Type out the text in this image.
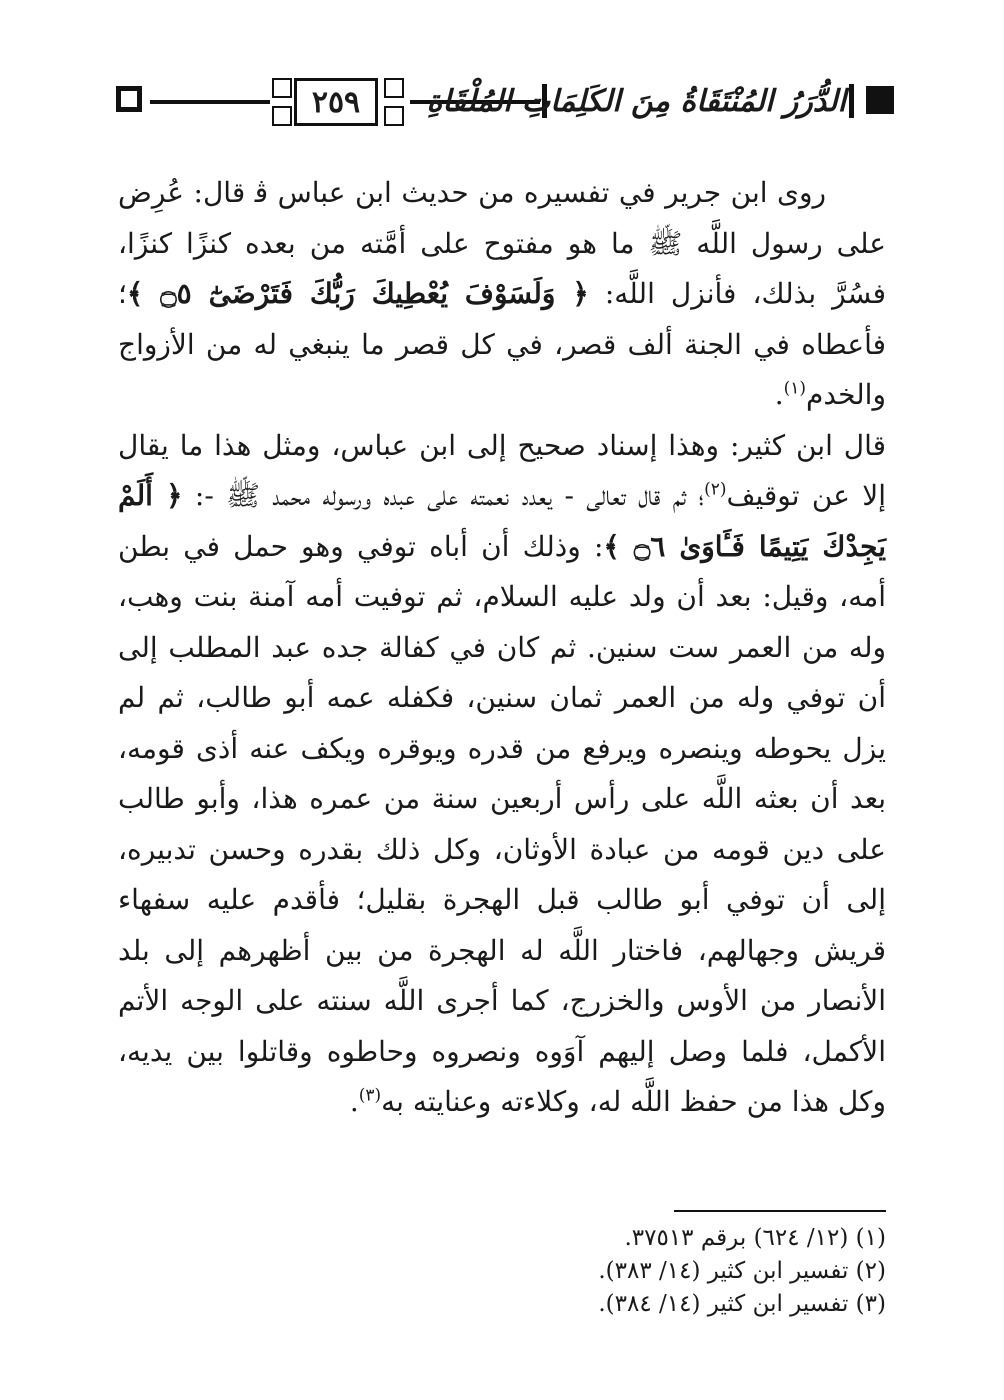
٢٥٩	الدُّرَرُ المُنْتَقَاةُ مِنَ الكَلِمَاتِ المُلْقَاةِ

روى ابن جرير في تفسيره من حديث ابن عباس ﭬ قال: عُرِض على رسول اللَّه ﷺ ما هو مفتوح على أمَّته من بعده كنزًا كنزًا، فسُرَّ بذلك، فأنزل اللَّه: ﴿ وَلَسَوْفَ يُعْطِيكَ رَبُّكَ فَتَرْضَىٰٓ ۝٥ ﴾؛ فأعطاه في الجنة ألف قصر، في كل قصر ما ينبغي له من الأزواج والخدم$^{(١)}$.

قال ابن كثير: وهذا إسناد صحيح إلى ابن عباس، ومثل هذا ما يقال إلا عن توقيف$^{(٢)}$؛ ثم قال تعالى - يعدد نعمته على عبده ورسوله محمد ﷺ -: ﴿ أَلَمْ يَجِدْكَ يَتِيمًا فَـَٔاوَىٰ ۝٦ ﴾: وذلك أن أباه توفي وهو حمل في بطن أمه، وقيل: بعد أن ولد عليه السلام، ثم توفيت أمه آمنة بنت وهب، وله من العمر ست سنين. ثم كان في كفالة جده عبد المطلب إلى أن توفي وله من العمر ثمان سنين، فكفله عمه أبو طالب، ثم لم يزل يحوطه وينصره ويرفع من قدره ويوقره ويكف عنه أذى قومه، بعد أن بعثه اللَّه على رأس أربعين سنة من عمره هذا، وأبو طالب على دين قومه من عبادة الأوثان، وكل ذلك بقدره وحسن تدبيره، إلى أن توفي أبو طالب قبل الهجرة بقليل؛ فأقدم عليه سفهاء قريش وجهالهم، فاختار اللَّه له الهجرة من بين أظهرهم إلى بلد الأنصار من الأوس والخزرج، كما أجرى اللَّه سنته على الوجه الأتم الأكمل، فلما وصل إليهم آوَوه ونصروه وحاطوه وقاتلوا بين يديه، وكل هذا من حفظ اللَّه له، وكلاءته وعنايته به$^{(٣)}$.

(١) (١٢/ ٦٢٤) برقم ٣٧٥١٣.
(٢) تفسير ابن كثير (١٤/ ٣٨٣).
(٣) تفسير ابن كثير (١٤/ ٣٨٤).
